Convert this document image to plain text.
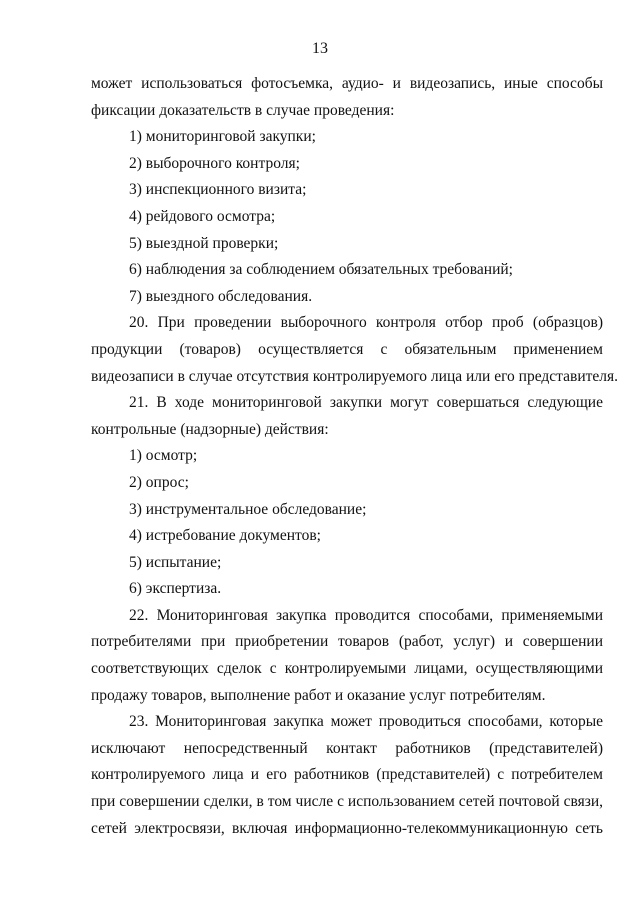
13
может использоваться фотосъемка, аудио- и видеозапись, иные способы
фиксации доказательств в случае проведения:
1) мониторинговой закупки;
2) выборочного контроля;
3) инспекционного визита;
4) рейдового осмотра;
5) выездной проверки;
6) наблюдения за соблюдением обязательных требований;
7) выездного обследования.
20. При проведении выборочного контроля отбор проб (образцов)
продукции (товаров) осуществляется с обязательным применением
видеозаписи в случае отсутствия контролируемого лица или его представителя.
21. В ходе мониторинговой закупки могут совершаться следующие
контрольные (надзорные) действия:
1) осмотр;
2) опрос;
3) инструментальное обследование;
4) истребование документов;
5) испытание;
6) экспертиза.
22. Мониторинговая закупка проводится способами, применяемыми
потребителями при приобретении товаров (работ, услуг) и совершении
соответствующих сделок с контролируемыми лицами, осуществляющими
продажу товаров, выполнение работ и оказание услуг потребителям.
23. Мониторинговая закупка может проводиться способами, которые
исключают непосредственный контакт работников (представителей)
контролируемого лица и его работников (представителей) с потребителем
при совершении сделки, в том числе с использованием сетей почтовой связи,
сетей электросвязи, включая информационно-телекоммуникационную сеть
